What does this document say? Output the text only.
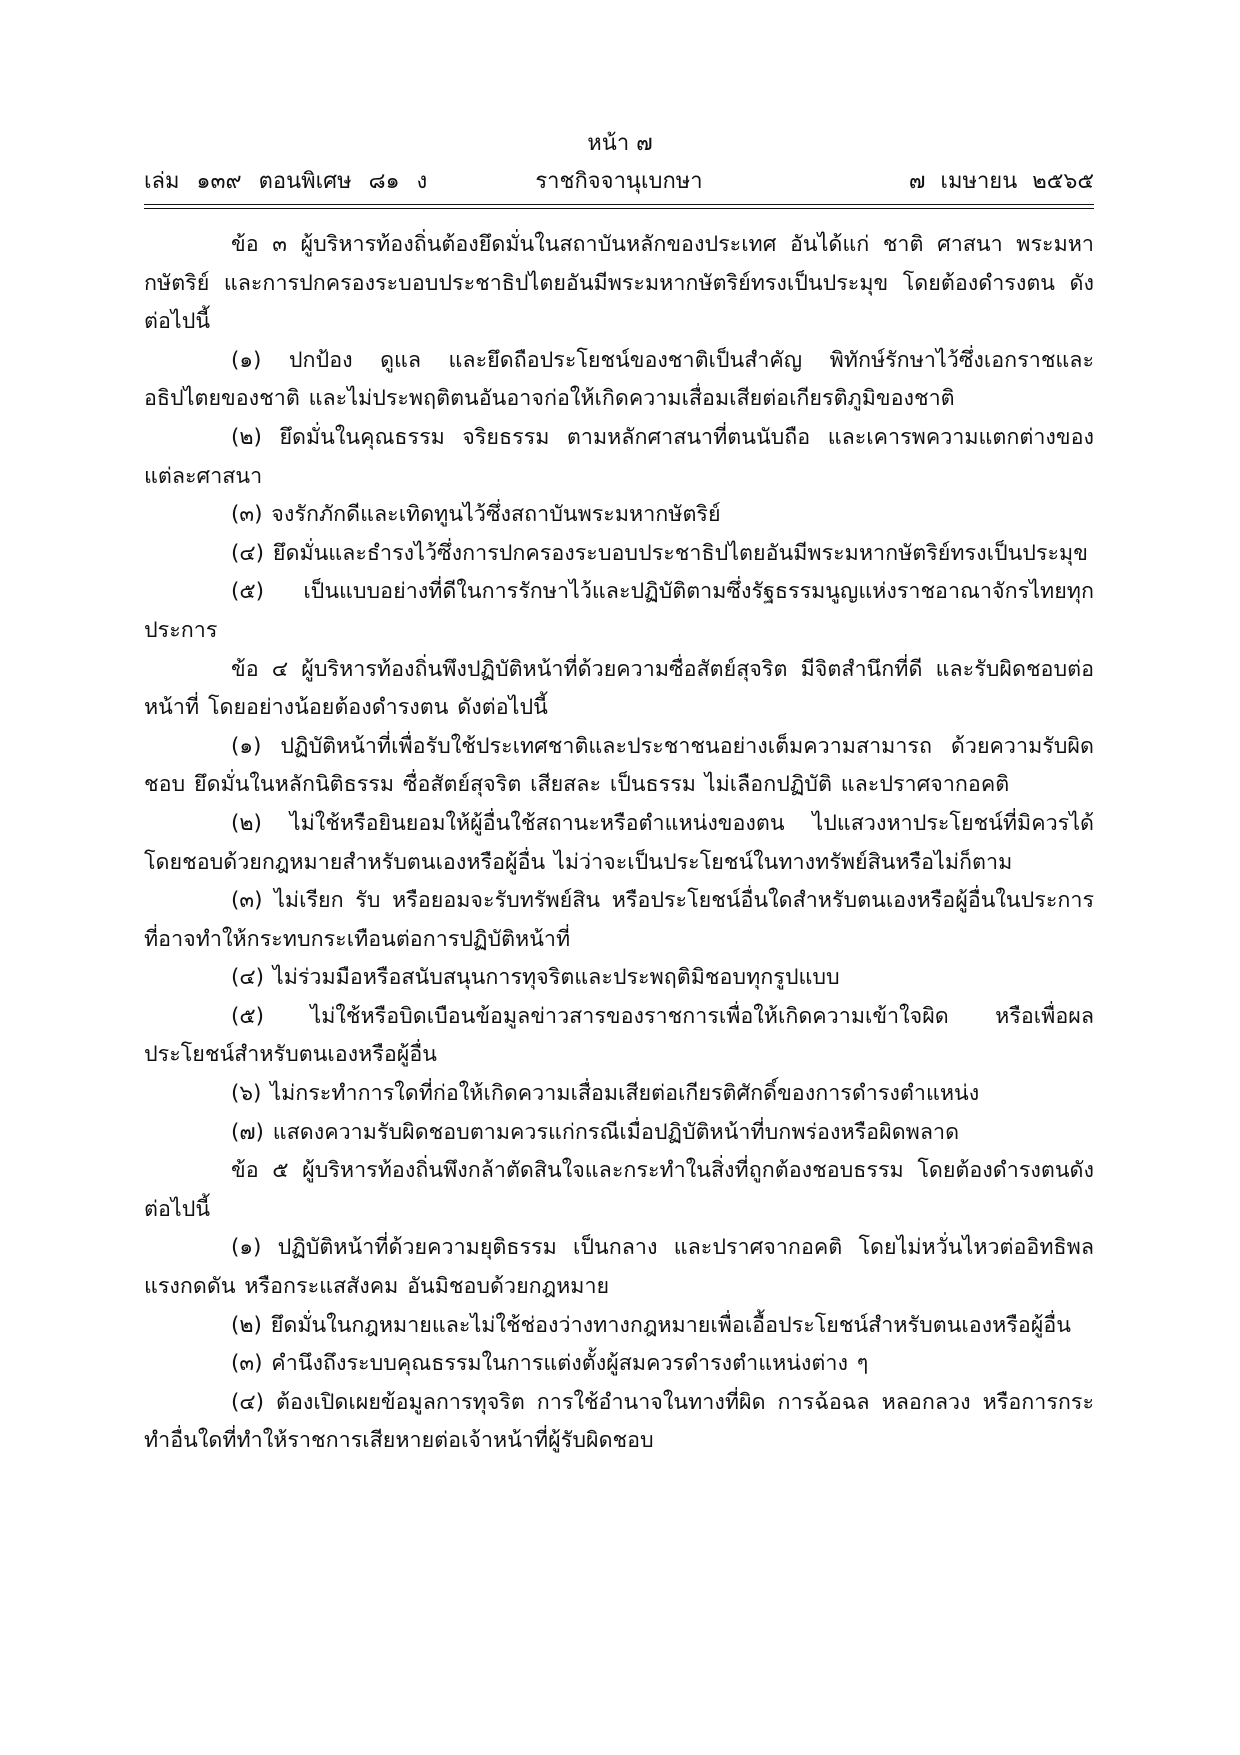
หน้า ๗
เล่ม ๑๓๙ ตอนพิเศษ ๘๑ ง	ราชกิจจานุเบกษา	๗ เมษายน ๒๕๖๕

ข้อ ๓ ผู้บริหารท้องถิ่นต้องยึดมั่นในสถาบันหลักของประเทศ อันได้แก่ ชาติ ศาสนา พระมหากษัตริย์ และการปกครองระบอบประชาธิปไตยอันมีพระมหากษัตริย์ทรงเป็นประมุข โดยต้องดำรงตน ดังต่อไปนี้

(๑) ปกป้อง ดูแล และยึดถือประโยชน์ของชาติเป็นสำคัญ พิทักษ์รักษาไว้ซึ่งเอกราชและอธิปไตยของชาติ และไม่ประพฤติตนอันอาจก่อให้เกิดความเสื่อมเสียต่อเกียรติภูมิของชาติ

(๒) ยึดมั่นในคุณธรรม จริยธรรม ตามหลักศาสนาที่ตนนับถือ และเคารพความแตกต่างของแต่ละศาสนา

(๓) จงรักภักดีและเทิดทูนไว้ซึ่งสถาบันพระมหากษัตริย์

(๔) ยึดมั่นและธำรงไว้ซึ่งการปกครองระบอบประชาธิปไตยอันมีพระมหากษัตริย์ทรงเป็นประมุข

(๕) เป็นแบบอย่างที่ดีในการรักษาไว้และปฏิบัติตามซึ่งรัฐธรรมนูญแห่งราชอาณาจักรไทยทุกประการ

ข้อ ๔ ผู้บริหารท้องถิ่นพึงปฏิบัติหน้าที่ด้วยความซื่อสัตย์สุจริต มีจิตสำนึกที่ดี และรับผิดชอบต่อหน้าที่ โดยอย่างน้อยต้องดำรงตน ดังต่อไปนี้

(๑) ปฏิบัติหน้าที่เพื่อรับใช้ประเทศชาติและประชาชนอย่างเต็มความสามารถ ด้วยความรับผิดชอบ ยึดมั่นในหลักนิติธรรม ซื่อสัตย์สุจริต เสียสละ เป็นธรรม ไม่เลือกปฏิบัติ และปราศจากอคติ

(๒) ไม่ใช้หรือยินยอมให้ผู้อื่นใช้สถานะหรือตำแหน่งของตน ไปแสวงหาประโยชน์ที่มิควรได้โดยชอบด้วยกฎหมายสำหรับตนเองหรือผู้อื่น ไม่ว่าจะเป็นประโยชน์ในทางทรัพย์สินหรือไม่ก็ตาม

(๓) ไม่เรียก รับ หรือยอมจะรับทรัพย์สิน หรือประโยชน์อื่นใดสำหรับตนเองหรือผู้อื่นในประการที่อาจทำให้กระทบกระเทือนต่อการปฏิบัติหน้าที่

(๔) ไม่ร่วมมือหรือสนับสนุนการทุจริตและประพฤติมิชอบทุกรูปแบบ

(๕) ไม่ใช้หรือบิดเบือนข้อมูลข่าวสารของราชการเพื่อให้เกิดความเข้าใจผิด หรือเพื่อผลประโยชน์สำหรับตนเองหรือผู้อื่น

(๖) ไม่กระทำการใดที่ก่อให้เกิดความเสื่อมเสียต่อเกียรติศักดิ์ของการดำรงตำแหน่ง

(๗) แสดงความรับผิดชอบตามควรแก่กรณีเมื่อปฏิบัติหน้าที่บกพร่องหรือผิดพลาด

ข้อ ๕ ผู้บริหารท้องถิ่นพึงกล้าตัดสินใจและกระทำในสิ่งที่ถูกต้องชอบธรรม โดยต้องดำรงตนดังต่อไปนี้

(๑) ปฏิบัติหน้าที่ด้วยความยุติธรรม เป็นกลาง และปราศจากอคติ โดยไม่หวั่นไหวต่ออิทธิพลแรงกดดัน หรือกระแสสังคม อันมิชอบด้วยกฎหมาย

(๒) ยึดมั่นในกฎหมายและไม่ใช้ช่องว่างทางกฎหมายเพื่อเอื้อประโยชน์สำหรับตนเองหรือผู้อื่น

(๓) คำนึงถึงระบบคุณธรรมในการแต่งตั้งผู้สมควรดำรงตำแหน่งต่าง ๆ

(๔) ต้องเปิดเผยข้อมูลการทุจริต การใช้อำนาจในทางที่ผิด การฉ้อฉล หลอกลวง หรือการกระทำอื่นใดที่ทำให้ราชการเสียหายต่อเจ้าหน้าที่ผู้รับผิดชอบ
